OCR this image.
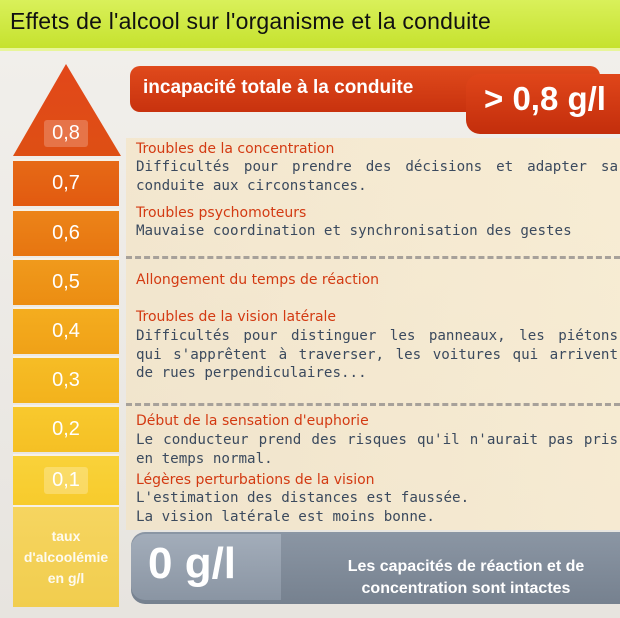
Effets de l'alcool sur l'organisme et la conduite
0,8
0,7
0,6
0,5
0,4
0,3
0,2
0,1
taux
d'alcoolémie
en g/l
incapacité totale à la conduite	> 0,8 g/l
Troubles de la concentration
Difficultés pour prendre des décisions et adapter sa conduite aux circonstances.
Troubles psychomoteurs
Mauvaise coordination et synchronisation des gestes
Allongement du temps de réaction
Troubles de la vision latérale
Difficultés pour distinguer les panneaux, les piétons qui s'apprêtent à traverser, les voitures qui arrivent de rues perpendiculaires...
Début de la sensation d'euphorie
Le conducteur prend des risques qu'il n'aurait pas pris en temps normal.
Légères perturbations de la vision
L'estimation des distances est faussée.
La vision latérale est moins bonne.
0 g/l	Les capacités de réaction et de
concentration sont intactes
